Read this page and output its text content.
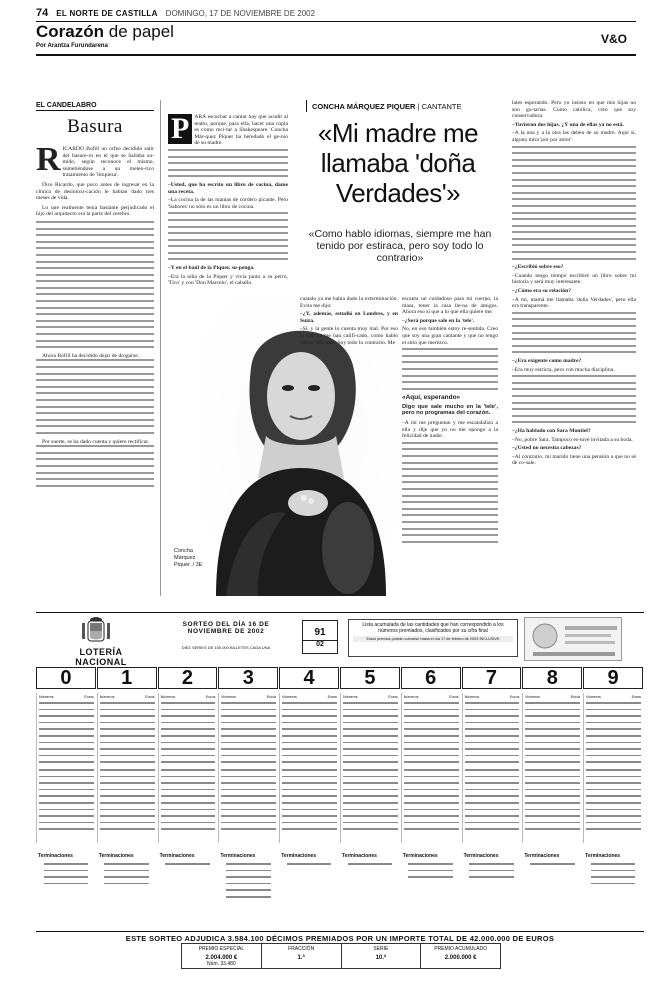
74 EL NORTE DE CASTILLA DOMINGO, 17 DE NOVIEMBRE DE 2002
Corazón de papel
Por Arantza Furundarena	V&O
EL CANDELABRO
Basura
R ICARDO Bofill un orfeo decidido salir del basure-ro en el que se hallaba su-mido, según reconoce el mismo, sometiéndose a un meteo-rico tratamiento de 'limpieza'.

Dice Ricardo, que poco antes de ingresar en la clínica de desintoxi-cación le habían dado tres meses de vida.

Lo que realmente tenía bastante perjudicado el hijo del arquitecto era la parte del cerebro.

Ahora Bofill ha decidido dejar de drogarse.

Por suerte, se ha dado cuenta y quiere rectificar.

CONCHA MÁRQUEZ PIQUER | CANTANTE
«Mi madre me llamaba 'doña Verdades'»
«Como hablo idiomas, siempre me han tenido por estiraca, pero soy todo lo contrario»
P ARA escuchar a cantar hay que acudir al teatro, porque, para ella, hacer una copla es como reci-tar a Shakespeare. Concha Már-quez Piquer ha heredado el ge-nio de su madre.

–Usted, que ha escrito un libro de cocina, dame una receta.

–La cocina la de las mantas de cordero picante. Pero 'Sabores' no sólo es un libro de cocina.

–Y en el baúl de la Piquer, su-penga.

–Era la niña de la Piquer y vivía junto a su perro, 'Tico' y con 'Don Marcelo', el caballo.

Concha Márquez Piquer. / 3E

cuando ya me había dado la exterminación. Evita me dijo:

–¿Y, además, estudió en Londres, y en Suiza.

–Sí, y la gente lo cuenta muy mal. Por eso la que ya me han califi-cado, como hablo varios idio-mas. Soy todo lo contrario. Me

escanta un cuidadoso para mi cuerpo, la masa, tener la casa lle-na de amigos. Ahora eso sí que a lo que ella quiere me.

–¿Será porque sale en la 'tele'.

No, en eso también estoy re-sentida. Creo que soy una gran cantante y que no tengo el sitio que merezco.

«Aquí, esperando»

Digo que sale mucho en la 'tele', pero no programas del corazón.

–A mí me preguntan y me escandalizo a ella y dije que yo no me opongo a la felicidad de nadie.

lates esperando. Pero yo insisto en que mis hijas no son gu-tarias. Como católica, creo que soy conservadora.

–Tuvieron dos hijas. ¿Y una de ellas ya no está.

–A la una y a la otra las deben de su madre. Aquí sí, alguno mira 'por por amor'.

–¿Escribió sobre eso?

–Cuando tengo tiempo escribiré un libro sobre mi historia y será muy interesante.

–¿Cómo era su relación?

–A mí, mamá me llamaba 'doña Verdades', pero ella era transparente.

–¿Era exigente como madre?

–Era muy estricta, pero con mucha disciplina.

–¿Ha hablado con Sara Montiel?

–No, pobre Sara. Tampoco es-tuve invitada a su boda.

–¿Usted no necesita cabezas?

–Al contrario, mi marido tiene una pensión a que no sé de co-sale.

LOTERÍA NACIONAL
SORTEO DEL DÍA 16 DE NOVIEMBRE DE 2002
DIEZ SERIES DE 100.000 BILLETES CADA UNA
91
02
Lista acumulada de las cantidades que han correspondido a los números premiados, clasificados por su cifra final
Estos premios podrán cobrarse hasta el día 17 de febrero de 2003 INCLUSIVE
0	1	2	3	4	5	6	7	8	9
Números	Euros Números	Euros Números	Euros Números	Euros Números	Euros Números	Euros Números	Euros Números	Euros Números	Euros Números	Euros
Terminaciones	Terminaciones	Terminaciones	Terminaciones	Terminaciones	Terminaciones	Terminaciones	Terminaciones	Terminaciones	Terminaciones
ESTE SORTEO ADJUDICA 3.584.100 DÉCIMOS PREMIADOS POR UN IMPORTE TOTAL DE 42.000.000 DE EUROS
PREMIO ESPECIAL
2.004.000 €
Núm. 33.480
FRACCIÓN
1.ª
SERIE
10.ª
PREMIO ACUMULADO
2.000.000 €
